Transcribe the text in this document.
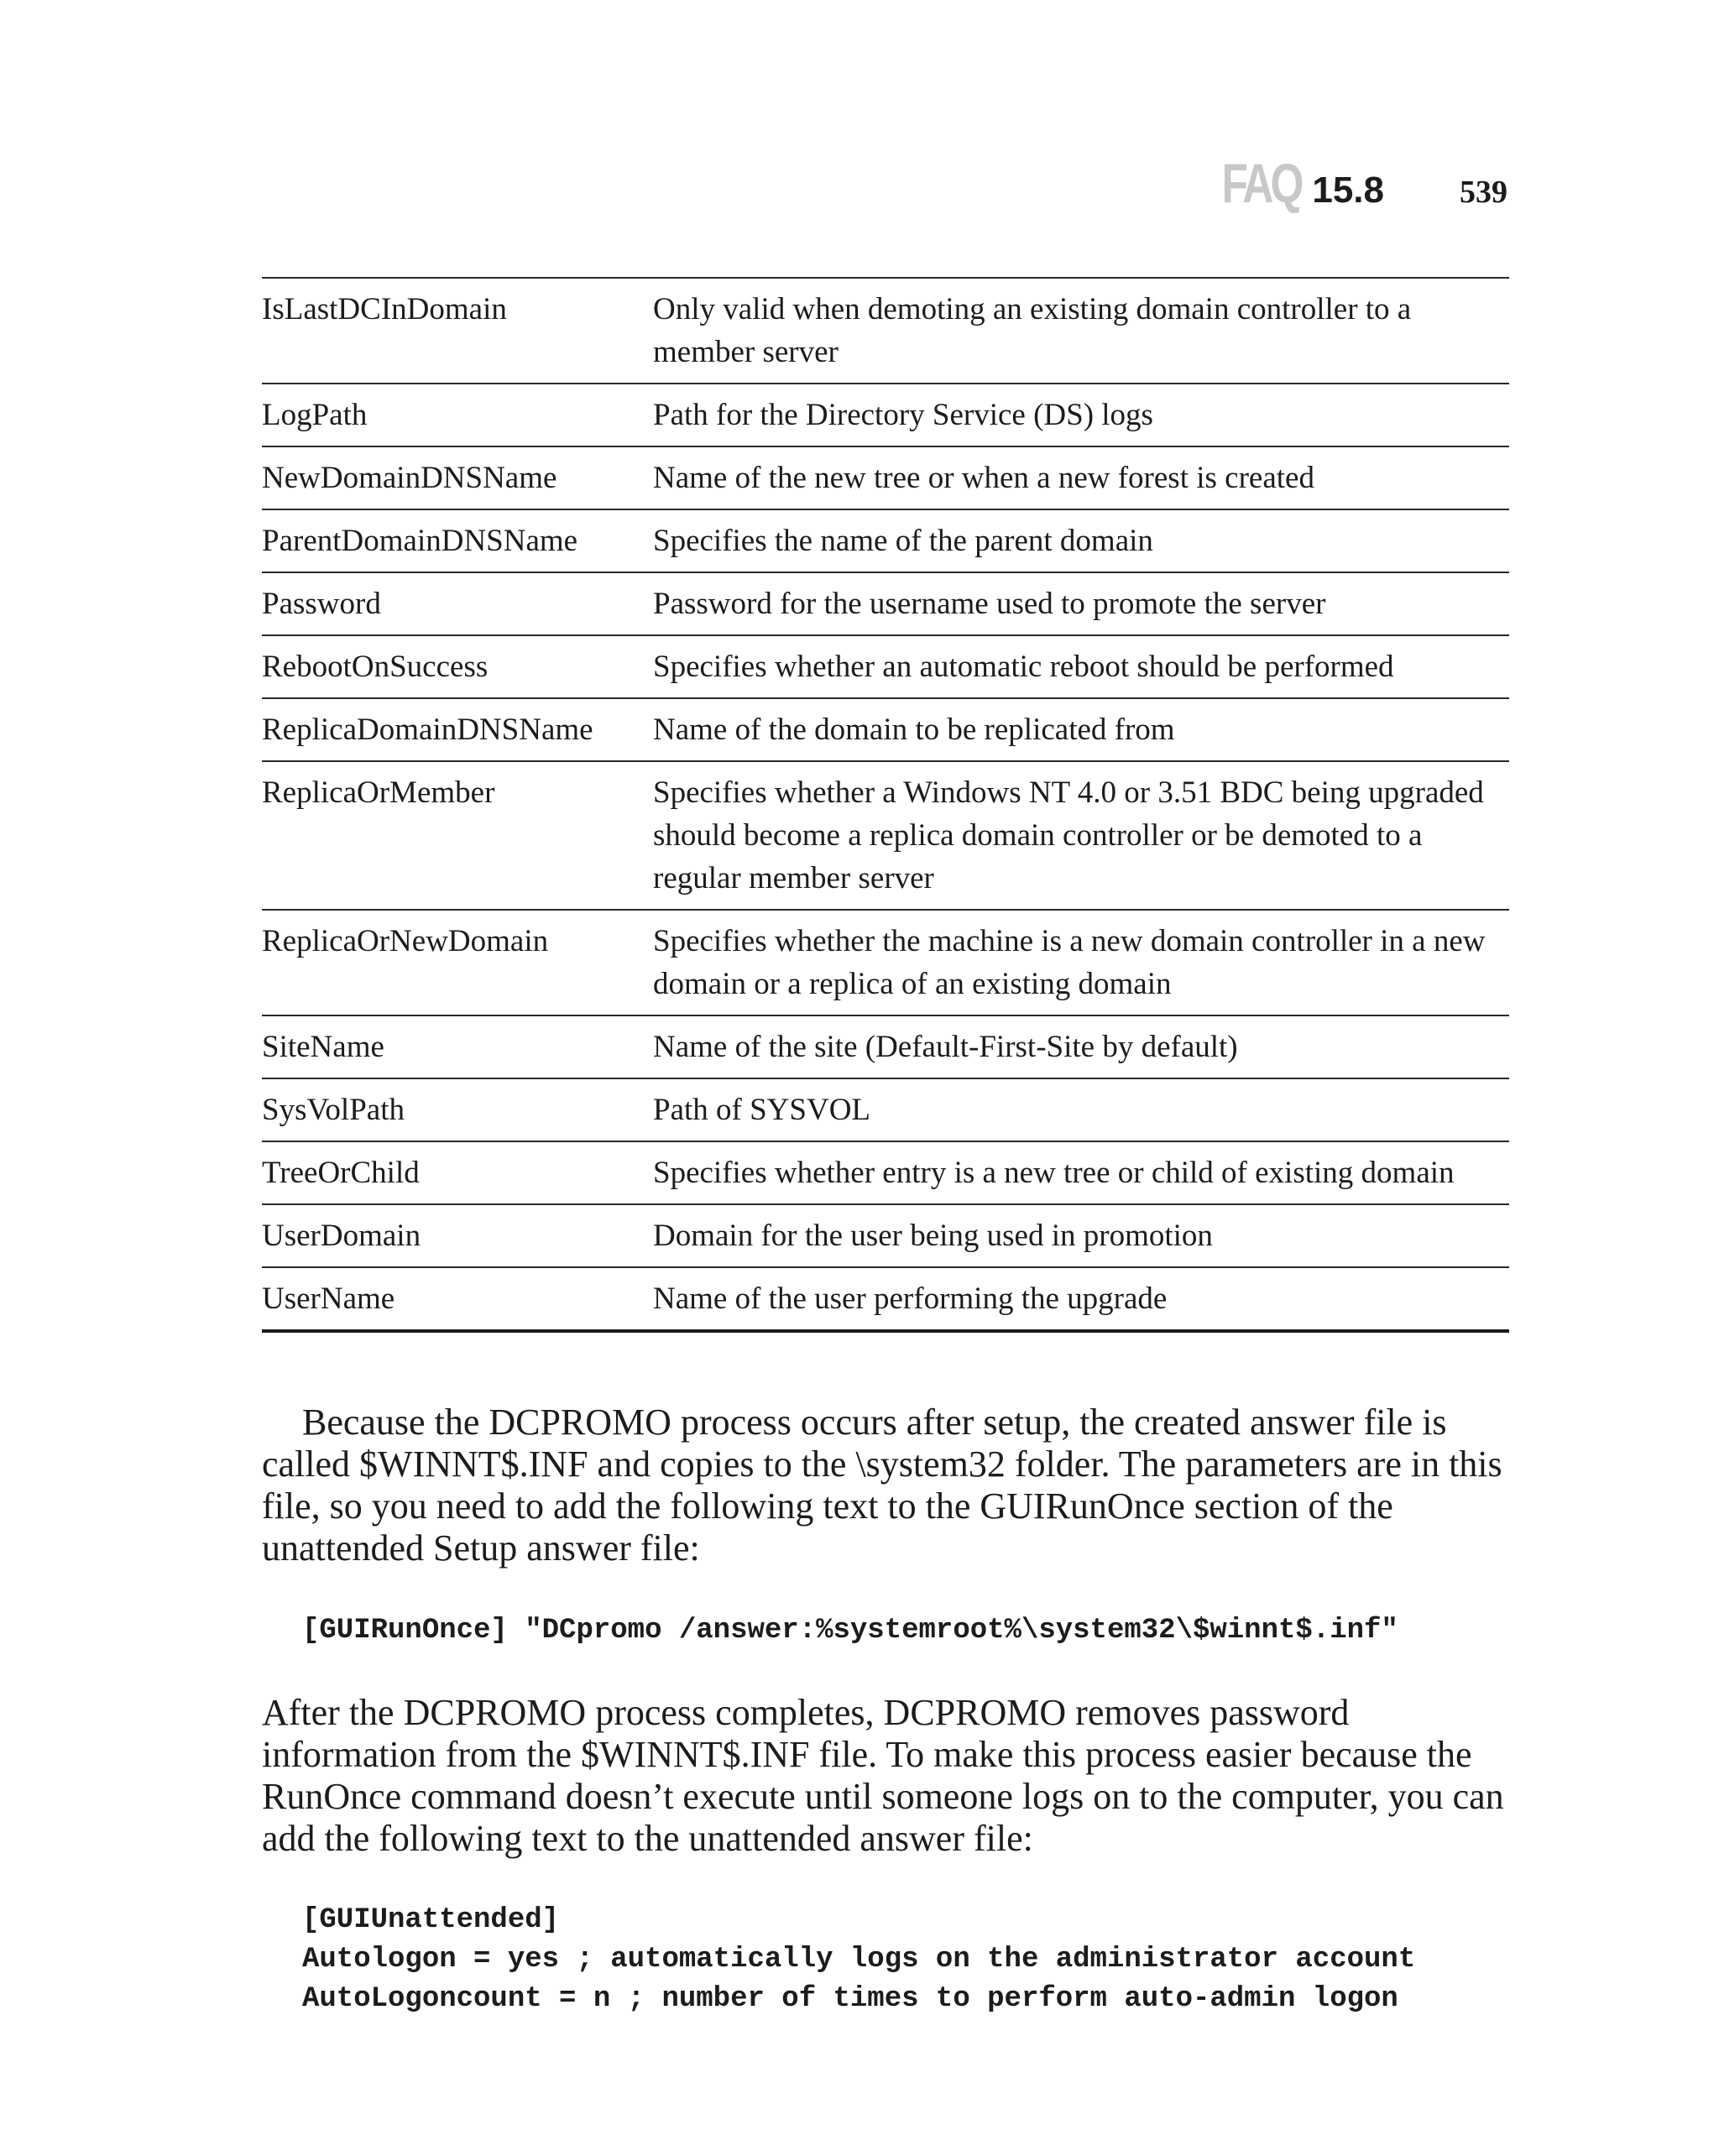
FAQ 15.8 539
IsLastDCInDomain	Only valid when demoting an existing domain controller to a member server
LogPath	Path for the Directory Service (DS) logs
NewDomainDNSName	Name of the new tree or when a new forest is created
ParentDomainDNSName	Specifies the name of the parent domain
Password	Password for the username used to promote the server
RebootOnSuccess	Specifies whether an automatic reboot should be performed
ReplicaDomainDNSName	Name of the domain to be replicated from
ReplicaOrMember	Specifies whether a Windows NT 4.0 or 3.51 BDC being upgraded should become a replica domain controller or be demoted to a regular member server
ReplicaOrNewDomain	Specifies whether the machine is a new domain controller in a new domain or a replica of an existing domain
SiteName	Name of the site (Default-First-Site by default)
SysVolPath	Path of SYSVOL
TreeOrChild	Specifies whether entry is a new tree or child of existing domain
UserDomain	Domain for the user being used in promotion
UserName	Name of the user performing the upgrade

Because the DCPROMO process occurs after setup, the created answer file is called $WINNT$.INF and copies to the \system32 folder. The parameters are in this file, so you need to add the following text to the GUIRunOnce section of the unattended Setup answer file:

[GUIRunOnce] "DCpromo /answer:%systemroot%\system32\$winnt$.inf"

After the DCPROMO process completes, DCPROMO removes password information from the $WINNT$.INF file. To make this process easier because the RunOnce command doesn’t execute until someone logs on to the computer, you can add the following text to the unattended answer file:

[GUIUnattended]
Autologon = yes ; automatically logs on the administrator account
AutoLogoncount = n ; number of times to perform auto-admin logon
